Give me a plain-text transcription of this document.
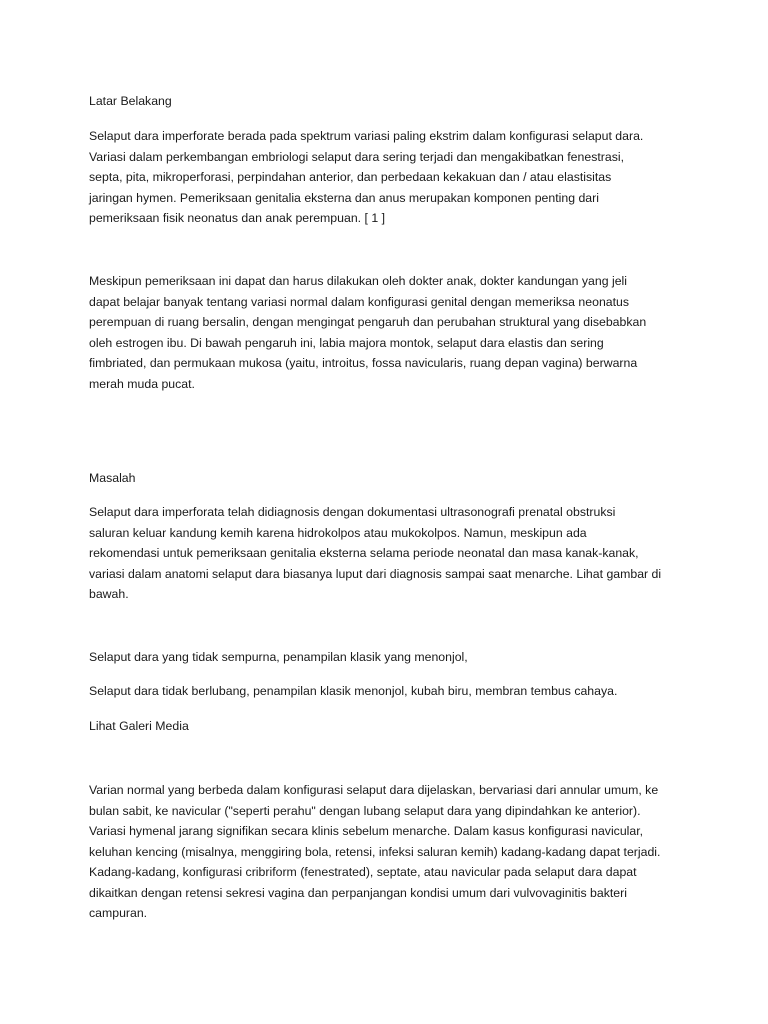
Latar Belakang

Selaput dara imperforate berada pada spektrum variasi paling ekstrim dalam konfigurasi selaput dara.
Variasi dalam perkembangan embriologi selaput dara sering terjadi dan mengakibatkan fenestrasi,
septa, pita, mikroperforasi, perpindahan anterior, dan perbedaan kekakuan dan / atau elastisitas
jaringan hymen. Pemeriksaan genitalia eksterna dan anus merupakan komponen penting dari
pemeriksaan fisik neonatus dan anak perempuan. [ 1 ]

Meskipun pemeriksaan ini dapat dan harus dilakukan oleh dokter anak, dokter kandungan yang jeli
dapat belajar banyak tentang variasi normal dalam konfigurasi genital dengan memeriksa neonatus
perempuan di ruang bersalin, dengan mengingat pengaruh dan perubahan struktural yang disebabkan
oleh estrogen ibu. Di bawah pengaruh ini, labia majora montok, selaput dara elastis dan sering
fimbriated, dan permukaan mukosa (yaitu, introitus, fossa navicularis, ruang depan vagina) berwarna
merah muda pucat.

Masalah

Selaput dara imperforata telah didiagnosis dengan dokumentasi ultrasonografi prenatal obstruksi
saluran keluar kandung kemih karena hidrokolpos atau mukokolpos. Namun, meskipun ada
rekomendasi untuk pemeriksaan genitalia eksterna selama periode neonatal dan masa kanak-kanak,
variasi dalam anatomi selaput dara biasanya luput dari diagnosis sampai saat menarche. Lihat gambar di
bawah.

Selaput dara yang tidak sempurna, penampilan klasik yang menonjol,

Selaput dara tidak berlubang, penampilan klasik menonjol, kubah biru, membran tembus cahaya.

Lihat Galeri Media

Varian normal yang berbeda dalam konfigurasi selaput dara dijelaskan, bervariasi dari annular umum, ke
bulan sabit, ke navicular ("seperti perahu" dengan lubang selaput dara yang dipindahkan ke anterior).
Variasi hymenal jarang signifikan secara klinis sebelum menarche. Dalam kasus konfigurasi navicular,
keluhan kencing (misalnya, menggiring bola, retensi, infeksi saluran kemih) kadang-kadang dapat terjadi.
Kadang-kadang, konfigurasi cribriform (fenestrated), septate, atau navicular pada selaput dara dapat
dikaitkan dengan retensi sekresi vagina dan perpanjangan kondisi umum dari vulvovaginitis bakteri
campuran.
